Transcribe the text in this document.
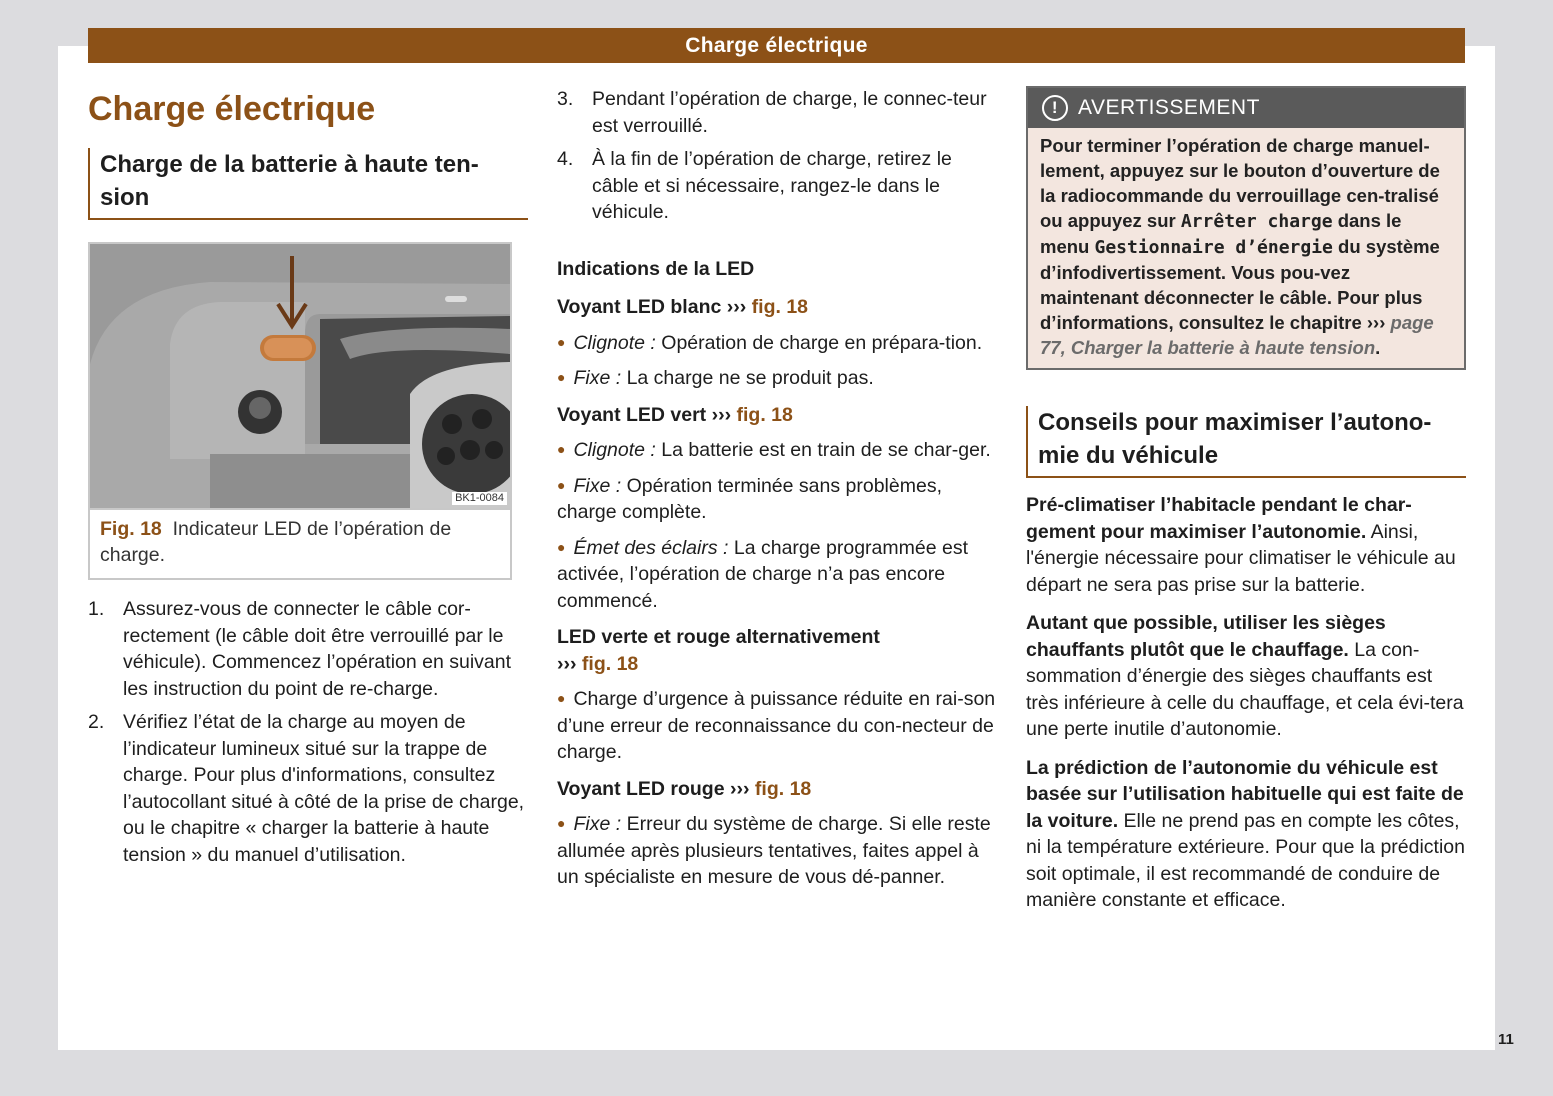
Charge électrique
Charge électrique
Charge de la batterie à haute ten-sion
BK1-0084
Fig. 18 Indicateur LED de l’opération de charge.
1. Assurez-vous de connecter le câble cor-rectement (le câble doit être verrouillé par le véhicule). Commencez l’opération en suivant les instruction du point de re-charge.
2. Vérifiez l’état de la charge au moyen de l’indicateur lumineux situé sur la trappe de charge. Pour plus d'informations, consultez l’autocollant situé à côté de la prise de charge, ou le chapitre « charger la batterie à haute tension » du manuel d’utilisation.
3. Pendant l’opération de charge, le connec-teur est verrouillé.
4. À la fin de l’opération de charge, retirez le câble et si nécessaire, rangez-le dans le véhicule.
Indications de la LED
Voyant LED blanc ››› fig. 18
● Clignote : Opération de charge en prépara-tion.
● Fixe : La charge ne se produit pas.
Voyant LED vert ››› fig. 18
● Clignote : La batterie est en train de se char-ger.
● Fixe : Opération terminée sans problèmes, charge complète.
● Émet des éclairs : La charge programmée est activée, l’opération de charge n’a pas encore commencé.
LED verte et rouge alternativement
››› fig. 18
● Charge d’urgence à puissance réduite en rai-son d’une erreur de reconnaissance du con-necteur de charge.
Voyant LED rouge ››› fig. 18
● Fixe : Erreur du système de charge. Si elle reste allumée après plusieurs tentatives, faites appel à un spécialiste en mesure de vous dé-panner.
! AVERTISSEMENT
Pour terminer l’opération de charge manuel-lement, appuyez sur le bouton d’ouverture de la radiocommande du verrouillage cen-tralisé ou appuyez sur Arrêter charge dans le menu Gestionnaire d’énergie du système d’infodivertissement. Vous pou-vez maintenant déconnecter le câble. Pour plus d’informations, consultez le chapitre ››› page 77, Charger la batterie à haute tension.
Conseils pour maximiser l’autono-mie du véhicule
Pré-climatiser l’habitacle pendant le char-gement pour maximiser l’autonomie. Ainsi, l'énergie nécessaire pour climatiser le véhicule au départ ne sera pas prise sur la batterie.
Autant que possible, utiliser les sièges chauffants plutôt que le chauffage. La con-sommation d’énergie des sièges chauffants est très inférieure à celle du chauffage, et cela évi-tera une perte inutile d’autonomie.
La prédiction de l’autonomie du véhicule est basée sur l’utilisation habituelle qui est faite de la voiture. Elle ne prend pas en compte les côtes, ni la température extérieure. Pour que la prédiction soit optimale, il est recommandé de conduire de manière constante et efficace.
11
